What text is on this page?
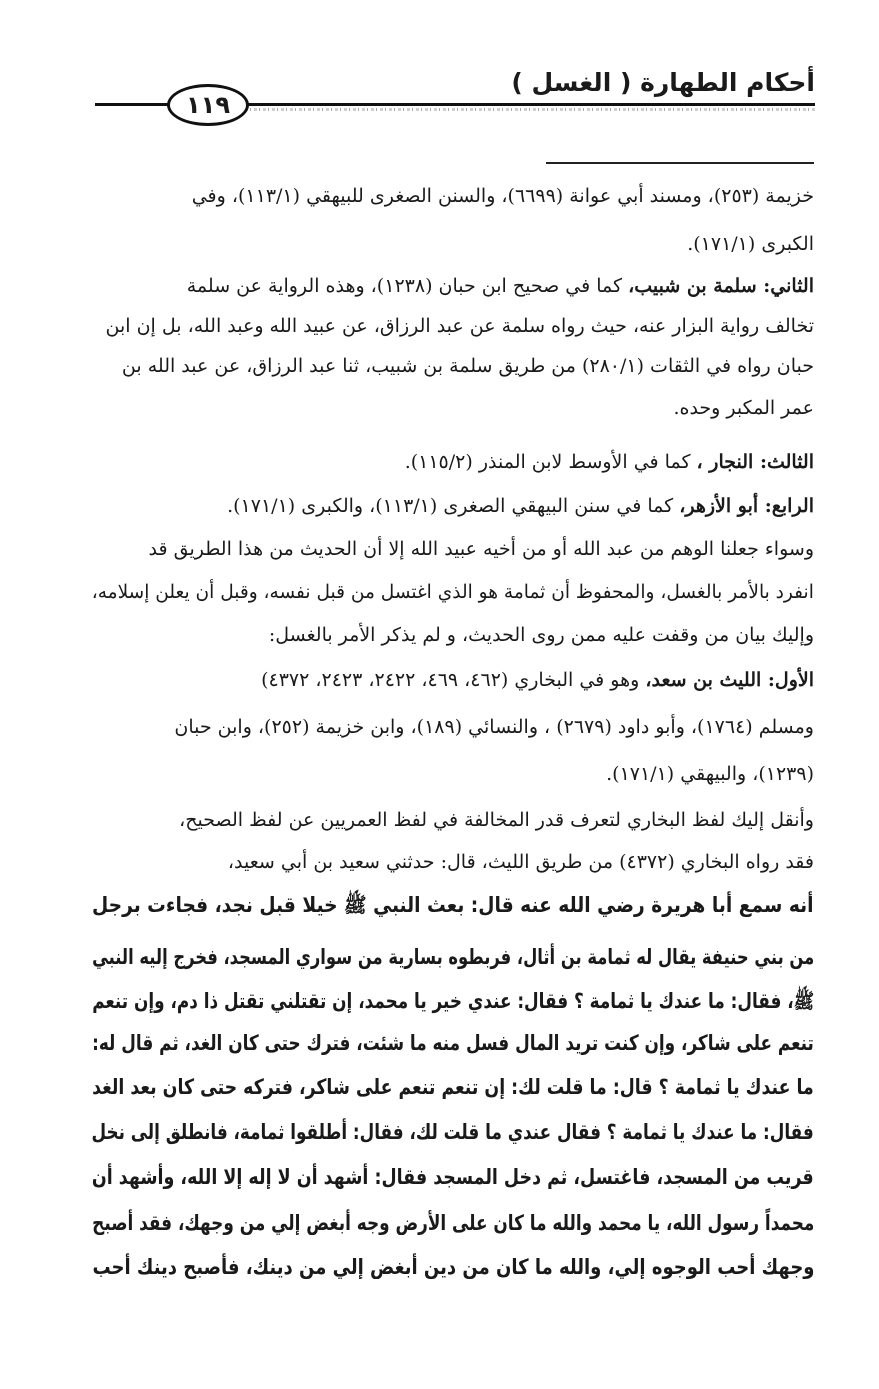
أحكام الطهارة ( الغسل )
١١٩
خزيمة (٢٥٣)، ومسند أبي عوانة (٦٦٩٩)، والسنن الصغرى للبيهقي (١١٣/١)، وفي
الكبرى (١٧١/١).
الثاني: سلمة بن شبيب، كما في صحيح ابن حبان (١٢٣٨)، وهذه الرواية عن سلمة
تخالف رواية البزار عنه، حيث رواه سلمة عن عبد الرزاق، عن عبيد الله وعبد الله، بل إن ابن
حبان رواه في الثقات (٢٨٠/١) من طريق سلمة بن شبيب، ثنا عبد الرزاق، عن عبد الله بن
عمر المكبر وحده.
الثالث: النجار ، كما في الأوسط لابن المنذر (١١٥/٢).
الرابع: أبو الأزهر، كما في سنن البيهقي الصغرى (١١٣/١)، والكبرى (١٧١/١).
وسواء جعلنا الوهم من عبد الله أو من أخيه عبيد الله إلا أن الحديث من هذا الطريق قد
انفرد بالأمر بالغسل، والمحفوظ أن ثمامة هو الذي اغتسل من قبل نفسه، وقبل أن يعلن إسلامه،
وإليك بيان من وقفت عليه ممن روى الحديث، و لم يذكر الأمر بالغسل:
الأول: الليث بن سعد، وهو في البخاري (٤٦٢، ٤٦٩، ٢٤٢٢، ٢٤٢٣، ٤٣٧٢)
ومسلم (١٧٦٤)، وأبو داود (٢٦٧٩) ، والنسائي (١٨٩)، وابن خزيمة (٢٥٢)، وابن حبان
(١٢٣٩)، والبيهقي (١٧١/١).
وأنقل إليك لفظ البخاري لتعرف قدر المخالفة في لفظ العمريين عن لفظ الصحيح،
فقد رواه البخاري (٤٣٧٢) من طريق الليث، قال: حدثني سعيد بن أبي سعيد،
أنه سمع أبا هريرة رضي الله عنه قال: بعث النبي ﷺ خيلا قبل نجد، فجاءت برجل
من بني حنيفة يقال له ثمامة بن أثال، فربطوه بسارية من سواري المسجد، فخرج إليه النبي
ﷺ، فقال: ما عندك يا ثمامة ؟ فقال: عندي خير يا محمد، إن تقتلني تقتل ذا دم، وإن تنعم
تنعم على شاكر، وإن كنت تريد المال فسل منه ما شئت، فترك حتى كان الغد، ثم قال له:
ما عندك يا ثمامة ؟ قال: ما قلت لك: إن تنعم تنعم على شاكر، فتركه حتى كان بعد الغد
فقال: ما عندك يا ثمامة ؟ فقال عندي ما قلت لك، فقال: أطلقوا ثمامة، فانطلق إلى نخل
قريب من المسجد، فاغتسل، ثم دخل المسجد فقال: أشهد أن لا إله إلا الله، وأشهد أن
محمداً رسول الله، يا محمد والله ما كان على الأرض وجه أبغض إلي من وجهك، فقد أصبح
وجهك أحب الوجوه إلي، والله ما كان من دين أبغض إلي من دينك، فأصبح دينك أحب
